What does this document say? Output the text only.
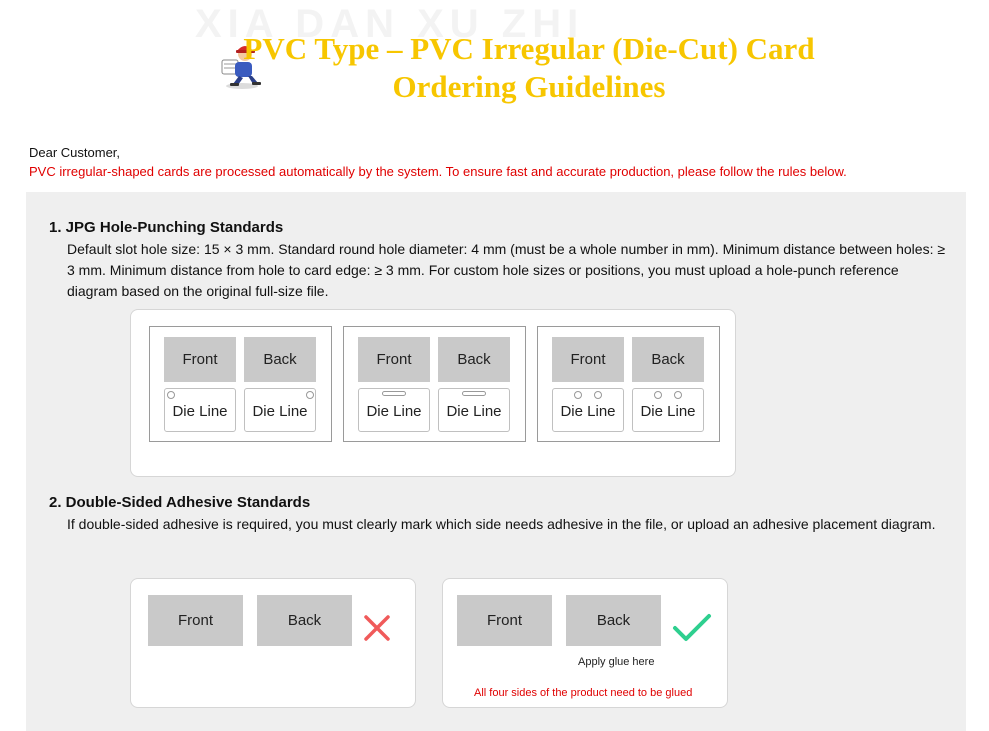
XIA DAN XU ZHI
PVC Type – PVC Irregular (Die-Cut) Card
Ordering Guidelines
Dear Customer,
PVC irregular-shaped cards are processed automatically by the system. To ensure fast and accurate production, please follow the rules below.
1. JPG Hole-Punching Standards
Default slot hole size: 15 × 3 mm. Standard round hole diameter: 4 mm (must be a whole number in mm). Minimum distance between holes: ≥ 3 mm. Minimum distance from hole to card edge: ≥ 3 mm. For custom hole sizes or positions, you must upload a hole-punch reference diagram based on the original full-size file.
Front	Back
Die Line	Die Line
Front	Back
Die Line	Die Line
Front	Back
Die Line	Die Line
2. Double-Sided Adhesive Standards
If double-sided adhesive is required, you must clearly mark which side needs adhesive in the file, or upload an adhesive placement diagram.
Front	Back	Front	Back
Apply glue here
All four sides of the product need to be glued
